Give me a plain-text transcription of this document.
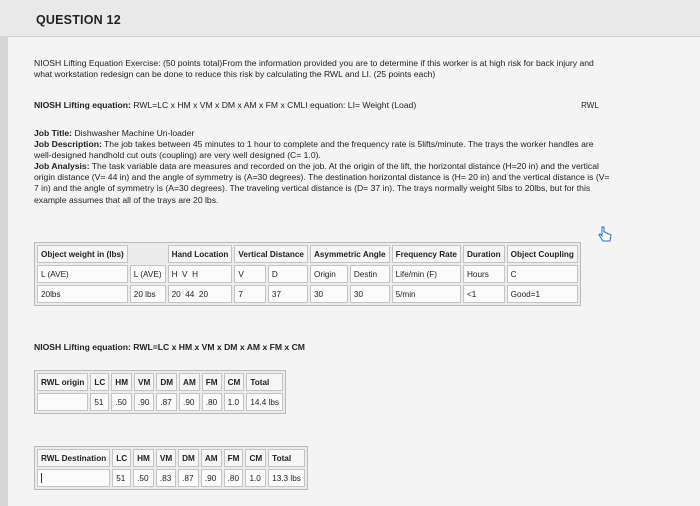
QUESTION 12
NIOSH Lifting Equation Exercise: (50 points total)From the information provided you are to determine if this worker is at high risk for back injury and
what workstation redesign can be done to reduce this risk by calculating the RWL and LI. (25 points each)
NIOSH Lifting equation: RWL=LC x HM x VM x DM x AM x FM x CMLI equation: LI= Weight (Load)	RWL
Job Title: Dishwasher Machine Un-loader
Job Description: The job takes between 45 minutes to 1 hour to complete and the frequency rate is 5lifts/minute. The trays the worker handles are
well-designed handhold cut outs (coupling) are very well designed (C= 1.0).
Job Analysis: The task variable data are measures and recorded on the job. At the origin of the lift, the horizontal distance (H=20 in) and the vertical
origin distance (V= 44 in) and the angle of symmetry is (A=30 degrees). The destination horizontal distance is (H= 20 in) and the vertical distance is (V=
7 in) and the angle of symmetry is (A=30 degrees). The traveling vertical distance is (D= 37 in). The trays normally weight 5lbs to 20lbs, but for this
example assumes that all of the trays are 20 lbs.
Object weight in (lbs)		Hand Location	Vertical Distance		Asymmetric Angle		Frequency Rate	Duration	Object Coupling
L (AVE)	L (AVE)	H V H	V	D	Origin	Destin	Life/min (F)	Hours	C
20lbs	20 lbs	20 44 20	7	37	30	30	5/min	<1	Good=1
NIOSH Lifting equation: RWL=LC x HM x VM x DM x AM x FM x CM
RWL origin	LC	HM	VM	DM	AM	FM	CM	Total
	51	.50	.90	.87	.90	.80	1.0	14.4 lbs
RWL Destination	LC	HM	VM	DM	AM	FM	CM	Total
	51	.50	.83	.87	.90	.80	1.0	13.3 lbs
